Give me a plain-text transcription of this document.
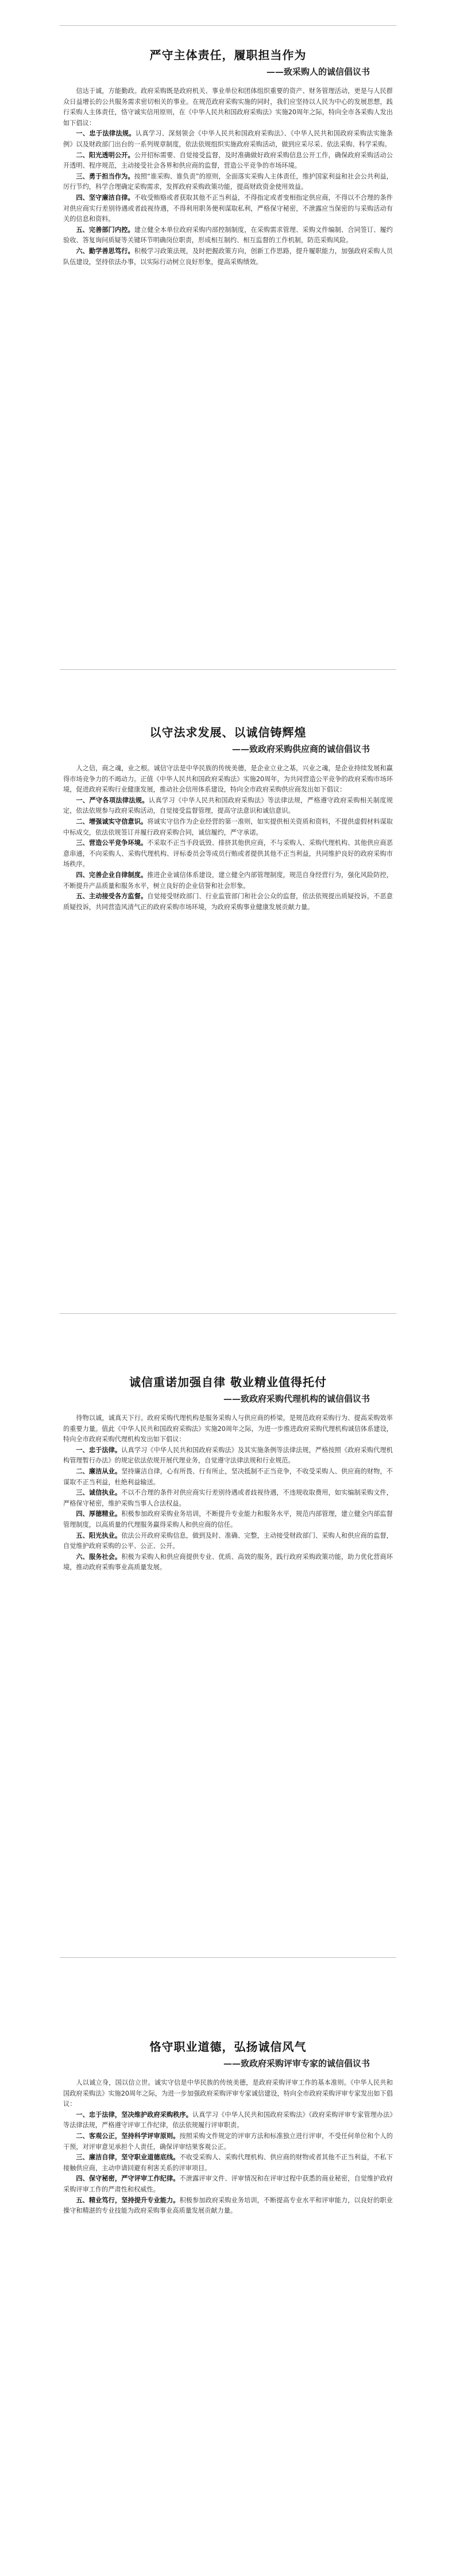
严守主体责任，履职担当作为
——致采购人的诚信倡议书

信达于诚，方能勤政。政府采购既是政府机关、事业单位和团体组织重要的资产、财务管理活动，更是与人民群众日益增长的公共服务需求密切相关的事业。在规范政府采购实施的同时，我们应坚持以人民为中心的发展思想，践行采购人主体责任，恪守诚实信用原则，在《中华人民共和国政府采购法》实施20周年之际，特向全市各采购人发出如下倡议：

一、忠于法律法规。认真学习、深刻领会《中华人民共和国政府采购法》、《中华人民共和国政府采购法实施条例》以及财政部门出台的一系列规章制度，依法依规组织实施政府采购活动，做到应采尽采、依法采购、科学采购。

二、阳光透明公开。公开招标需要、自觉接受监督，及时准确做好政府采购信息公开工作，确保政府采购活动公开透明、程序规范，主动接受社会各界和供应商的监督，营造公平竞争的市场环境。

三、勇于担当作为。按照“谁采购、谁负责”的原则，全面落实采购人主体责任，维护国家利益和社会公共利益，厉行节约，科学合理确定采购需求，发挥政府采购政策功能，提高财政资金使用效益。

四、坚守廉洁自律。不收受贿赂或者获取其他不正当利益，不得指定或者变相指定供应商，不得以不合理的条件对供应商实行差别待遇或者歧视待遇，不得利用职务便利谋取私利，严格保守秘密，不泄露应当保密的与采购活动有关的信息和资料。

五、完善部门内控。建立健全本单位政府采购内部控制制度，在采购需求管理、采购文件编制、合同签订、履约验收、答复询问质疑等关键环节明确岗位职责，形成相互制约、相互监督的工作机制，防范采购风险。

六、勤学善思笃行。积极学习政策法规，及时把握政策方向，创新工作思路，提升履职能力，加强政府采购人员队伍建设，坚持依法办事，以实际行动树立良好形象，提高采购绩效。

以守法求发展、以诚信铸辉煌
——致政府采购供应商的诚信倡议书

人之信，商之魂，业之根。诚信守法是中华民族的传统美德，是企业立业之基，兴业之魂，是企业持续发展和赢得市场竞争力的不竭动力。正值《中华人民共和国政府采购法》实施20周年，为共同营造公平竞争的政府采购市场环境，促进政府采购行业健康发展，推动社会信用体系建设，特向全市政府采购供应商发出如下倡议：

一、严守各项法律法规。认真学习《中华人民共和国政府采购法》等法律法规，严格遵守政府采购相关制度规定，依法依规参与政府采购活动，自觉接受监督管理，提高守法意识和诚信意识。

二、增强诚实守信意识。将诚实守信作为企业经营的第一准则，如实提供相关资质和资料，不提供虚假材料谋取中标成交，依法依规签订并履行政府采购合同，诚信履约，严守承诺。

三、营造公平竞争环境。不采取不正当手段诋毁、排挤其他供应商，不与采购人、采购代理机构、其他供应商恶意串通，不向采购人、采购代理机构、评标委员会等成员行贿或者提供其他不正当利益，共同维护良好的政府采购市场秩序。

四、完善企业自律制度。推进企业诚信体系建设，建立健全内部管理制度，规范自身经营行为，强化风险防控，不断提升产品质量和服务水平，树立良好的企业信誉和社会形象。

五、主动接受各方监督。自觉接受财政部门、行业监管部门和社会公众的监督，依法依规提出质疑投诉，不恶意质疑投诉，共同营造风清气正的政府采购市场环境，为政府采购事业健康发展贡献力量。

诚信重诺加强自律 敬业精业值得托付
——致政府采购代理机构的诚信倡议书

待物以诚，诚真天下行。政府采购代理机构是服务采购人与供应商的桥梁，是规范政府采购行为、提高采购效率的重要力量。值此《中华人民共和国政府采购法》实施20周年之际，为进一步推进政府采购代理机构诚信体系建设，特向全市政府采购代理机构发出如下倡议：

一、忠于法律。认真学习《中华人民共和国政府采购法》及其实施条例等法律法规，严格按照《政府采购代理机构管理暂行办法》的规定依法依规开展代理业务，自觉遵守法律法规和行业规范。

二、廉洁从业。坚持廉洁自律，心有所畏、行有所止，坚决抵制不正当竞争，不收受采购人、供应商的财物，不谋取不正当利益，杜绝利益输送。

三、诚信执业。不以不合理的条件对供应商实行差别待遇或者歧视待遇，不违规收取费用，如实编制采购文件，严格保守秘密，维护采购当事人合法权益。

四、厚德精业。积极参加政府采购业务培训，不断提升专业能力和服务水平，规范内部管理，建立健全内部监督管理制度，以高质量的代理服务赢得采购人和供应商的信任。

五、阳光执业。依法公开政府采购信息，做到及时、准确、完整，主动接受财政部门、采购人和供应商的监督，自觉维护政府采购的公平、公正、公开。

六、服务社会。积极为采购人和供应商提供专业、优质、高效的服务，践行政府采购政策功能，助力优化营商环境，推动政府采购事业高质量发展。

恪守职业道德，弘扬诚信风气
——致政府采购评审专家的诚信倡议书

人以诚立身，国以信立世。诚实守信是中华民族的传统美德，是政府采购评审工作的基本准则。《中华人民共和国政府采购法》实施20周年之际，为进一步加强政府采购评审专家诚信建设，特向全市政府采购评审专家发出如下倡议：

一、忠于法律，坚决维护政府采购秩序。认真学习《中华人民共和国政府采购法》《政府采购评审专家管理办法》等法律法规，严格遵守评审工作纪律，依法依规履行评审职责。

二、客观公正，坚持科学评审原则。按照采购文件规定的评审方法和标准独立进行评审，不受任何单位和个人的干预，对评审意见承担个人责任，确保评审结果客观公正。

三、廉洁自律，坚守职业道德底线。不收受采购人、采购代理机构、供应商的财物或者其他不正当利益，不私下接触供应商，主动申请回避有利害关系的评审项目。

四、保守秘密，严守评审工作纪律。不泄露评审文件、评审情况和在评审过程中获悉的商业秘密，自觉维护政府采购评审工作的严肃性和权威性。

五、精业笃行，坚持提升专业能力。积极参加政府采购业务培训，不断提高专业水平和评审能力，以良好的职业操守和精湛的专业技能为政府采购事业高质量发展贡献力量。
